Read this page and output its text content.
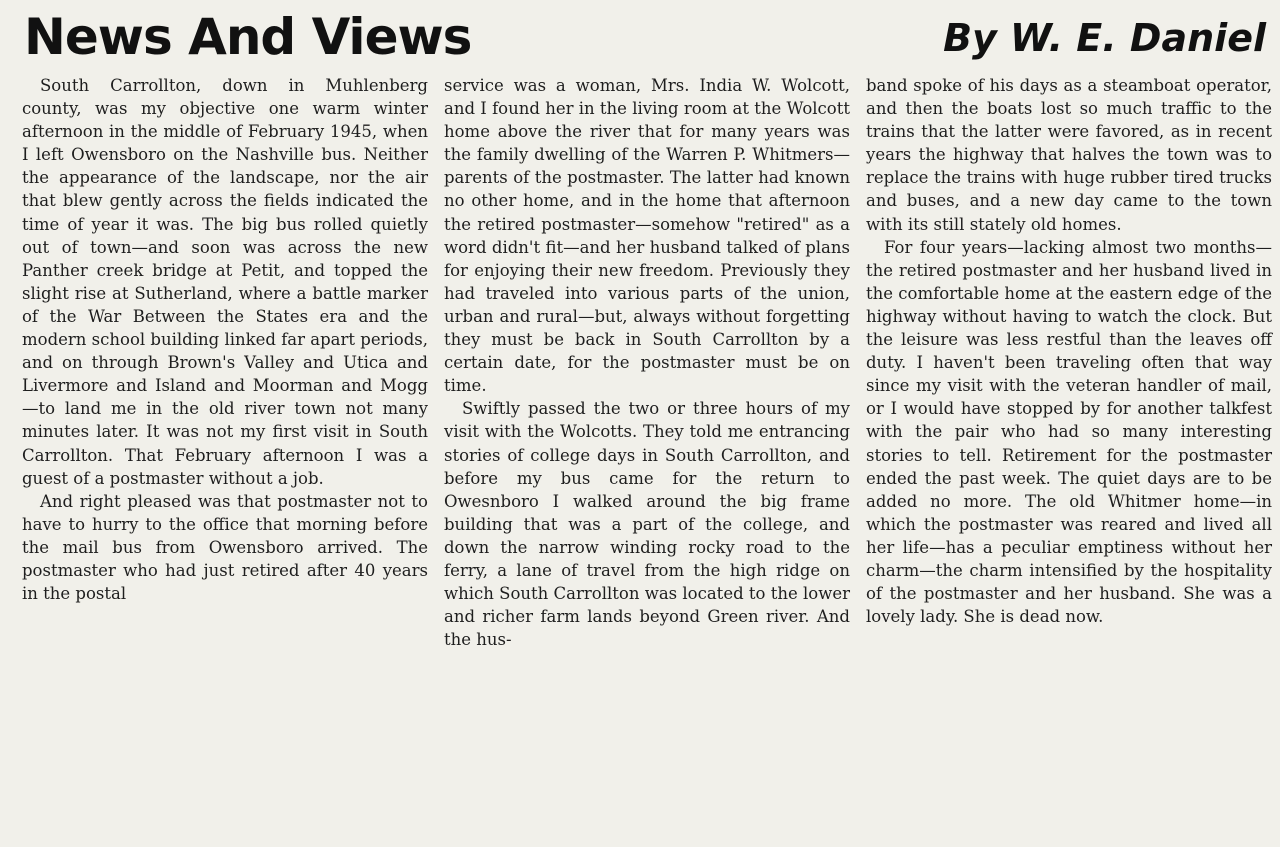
News And Views	By W. E. Daniel

South Carrollton, down in Muhlenberg county, was my objective one warm winter afternoon in the middle of February 1945, when I left Owensboro on the Nashville bus. Neither the appearance of the landscape, nor the air that blew gently across the fields indicated the time of year it was. The big bus rolled quietly out of town—and soon was across the new Panther creek bridge at Petit, and topped the slight rise at Sutherland, where a battle marker of the War Between the States era and the modern school building linked far apart periods, and on through Brown's Valley and Utica and Livermore and Island and Moorman and Mogg —to land me in the old river town not many minutes later. It was not my first visit in South Carrollton. That February afternoon I was a guest of a postmaster without a job.

And right pleased was that postmaster not to have to hurry to the office that morning before the mail bus from Owensboro arrived. The postmaster who had just retired after 40 years in the postal

service was a woman, Mrs. India W. Wolcott, and I found her in the living room at the Wolcott home above the river that for many years was the family dwelling of the Warren P. Whitmers—parents of the postmaster. The latter had known no other home, and in the home that afternoon the retired postmaster—somehow "retired" as a word didn't fit—and her husband talked of plans for enjoying their new freedom. Previously they had traveled into various parts of the union, urban and rural—but, always without forgetting they must be back in South Carrollton by a certain date, for the postmaster must be on time.

Swiftly passed the two or three hours of my visit with the Wolcotts. They told me entrancing stories of college days in South Carrollton, and before my bus came for the return to Owesnboro I walked around the big frame building that was a part of the college, and down the narrow winding rocky road to the ferry, a lane of travel from the high ridge on which South Carrollton was located to the lower and richer farm lands beyond Green river. And the hus-

band spoke of his days as a steamboat operator, and then the boats lost so much traffic to the trains that the latter were favored, as in recent years the highway that halves the town was to replace the trains with huge rubber tired trucks and buses, and a new day came to the town with its still stately old homes.

For four years—lacking almost two months—the retired postmaster and her husband lived in the comfortable home at the eastern edge of the highway without having to watch the clock. But the leisure was less restful than the leaves off duty. I haven't been traveling often that way since my visit with the veteran handler of mail, or I would have stopped by for another talkfest with the pair who had so many interesting stories to tell. Retirement for the postmaster ended the past week. The quiet days are to be added no more. The old Whitmer home—in which the postmaster was reared and lived all her life—has a peculiar emptiness without her charm—the charm intensified by the hospitality of the postmaster and her husband. She was a lovely lady. She is dead now.
